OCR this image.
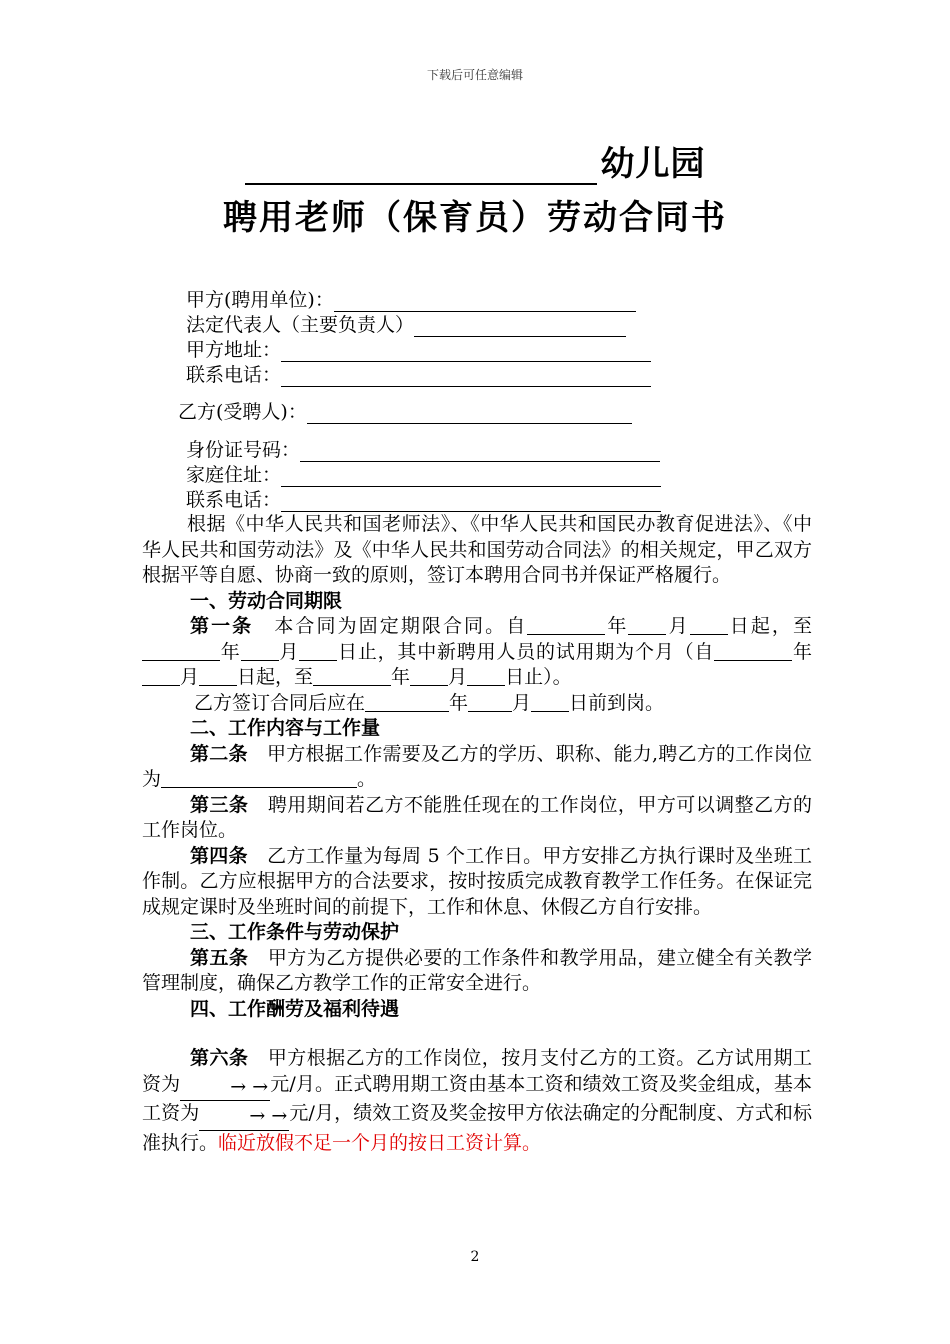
下载后可任意编辑
幼儿园
聘用老师（保育员）劳动合同书
甲方(聘用单位)：
法定代表人（主要负责人）
甲方地址：
联系电话：
乙方(受聘人)：
身份证号码：
家庭住址：
联系电话：

根据《中华人民共和国老师法》、《中华人民共和国民办教育促进法》、《中华人民共和国劳动法》及《中华人民共和国劳动合同法》的相关规定，甲乙双方根据平等自愿、协商一致的原则，签订本聘用合同书并保证严格履行。

一、劳动合同期限

第一条　 本合同为固定期限合同。自	年 月 日起，至年 月 日止，其中新聘用人员的试用期为个月（自	年月 日起，至	年 月 日止）。

乙方签订合同后应在	年 月 日前到岗。

二、工作内容与工作量

第二条　 甲方根据工作需要及乙方的学历、职称、能力,聘乙方的工作岗位为	。

第三条　 聘用期间若乙方不能胜任现在的工作岗位，甲方可以调整乙方的工作岗位。

第四条　 乙方工作量为每周 5 个工作日。甲方安排乙方执行课时及坐班工作制。乙方应根据甲方的合法要求，按时按质完成教育教学工作任务。在保证完成规定课时及坐班时间的前提下，工作和休息、休假乙方自行安排。

三、工作条件与劳动保护

第五条　 甲方为乙方提供必要的工作条件和教学用品，建立健全有关教学管理制度，确保乙方教学工作的正常安全进行。

四、工作酬劳及福利待遇

第六条　 甲方根据乙方的工作岗位，按月支付乙方的工资。乙方试用期工资为	→ → 元/月。正式聘用期工资由基本工资和绩效工资及奖金组成，基本工资为	→ → 元/月，绩效工资及奖金按甲方依法确定的分配制度、方式和标准执行。临近放假不足一个月的按日工资计算。

2
